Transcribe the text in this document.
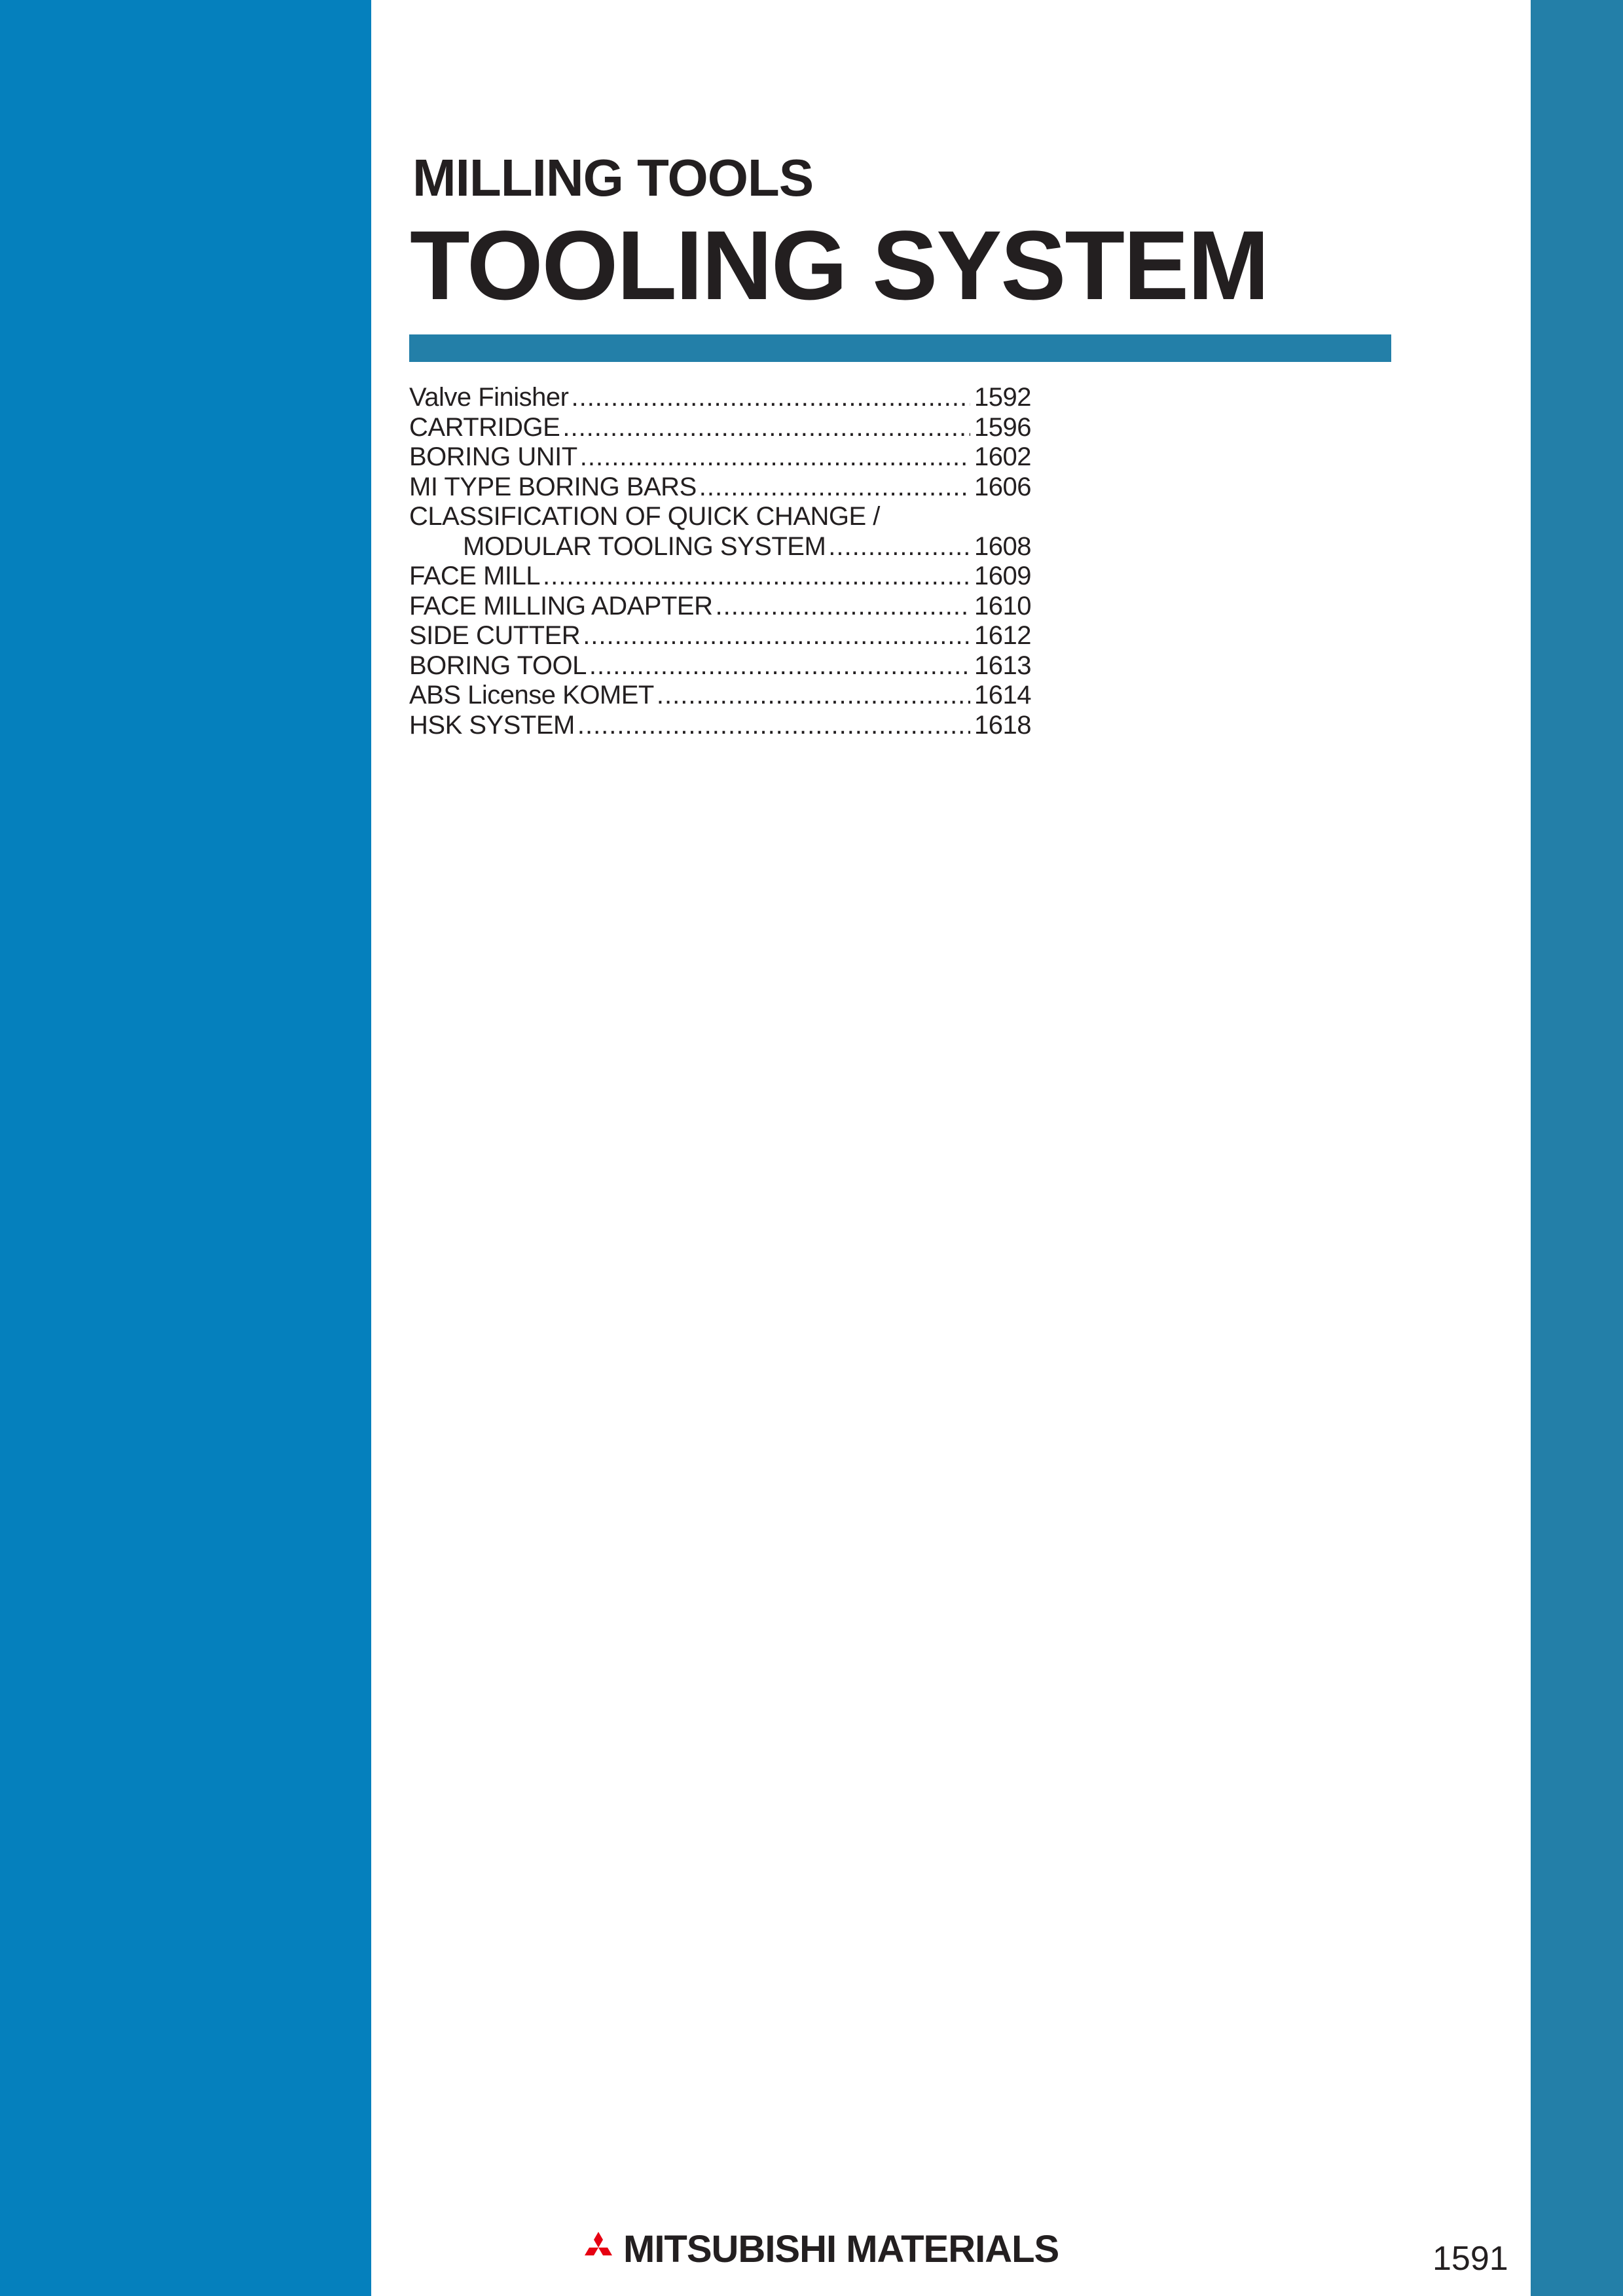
MILLING TOOLS
TOOLING SYSTEM
Valve Finisher .....	1592
CARTRIDGE .....	1596
BORING UNIT .....	1602
MI TYPE BORING BARS .....	1606
CLASSIFICATION OF QUICK CHANGE /
MODULAR TOOLING SYSTEM .....	1608
FACE MILL .....	1609
FACE MILLING ADAPTER .....	1610
SIDE CUTTER .....	1612
BORING TOOL .....	1613
ABS License KOMET .....	1614
HSK SYSTEM .....	1618
MITSUBISHI MATERIALS	1591
